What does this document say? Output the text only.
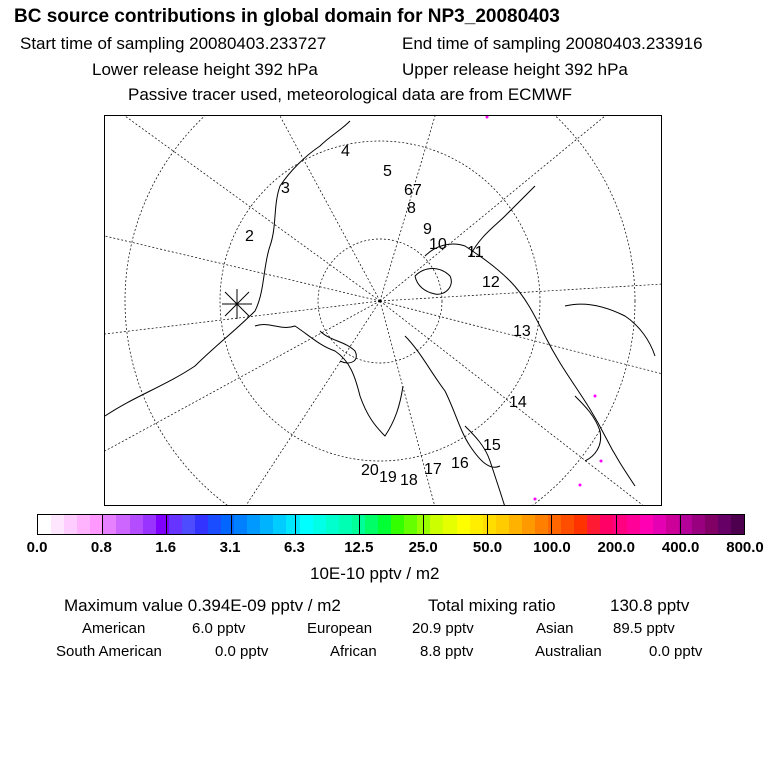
BC source contributions in global domain for NP3_20080403
Start time of sampling 20080403.233727	End time of sampling 20080403.233916
Lower release height 392 hPa	Upper release height 392 hPa
Passive tracer used, meteorological data are from ECMWF
2
3
4
5
67
8
9
10 11
12
13
14
15
16
17
18
19
20
0.0	0.8	1.6	3.1	6.3	12.5 25.0 50.0 100.0 200.0 400.0 800.0
10E-10 pptv / m2
Maximum value 0.394E-09 pptv / m2	Total mixing ratio	130.8 pptv
American	6.0 pptv	European	20.9 pptv	Asian	89.5 pptv
South American	0.0 pptv	African	8.8 pptv	Australian	0.0 pptv
